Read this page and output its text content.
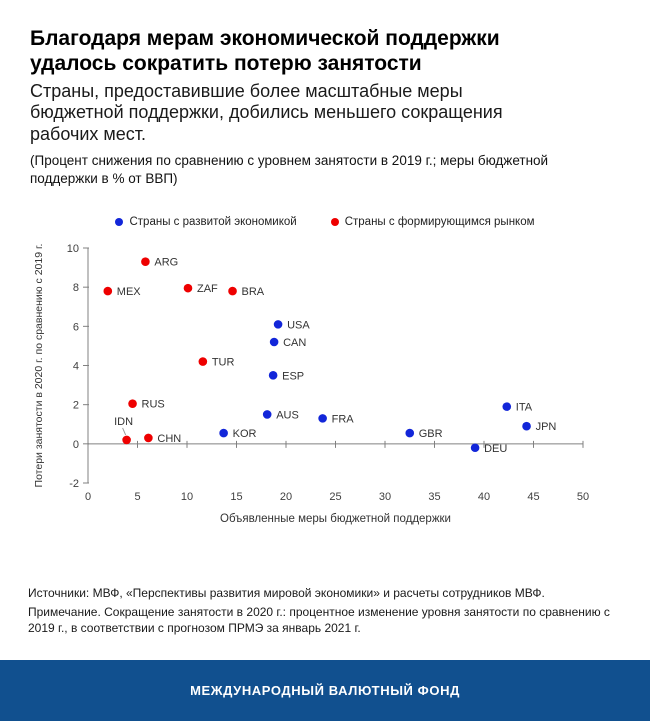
Благодаря мерам экономической поддержки удалось сократить потерю занятости
Страны, предоставившие более масштабные меры бюджетной поддержки, добились меньшего сокращения рабочих мест.

(Процент снижения по сравнению с уровнем занятости в 2019 г.; меры бюджетной поддержки в % от ВВП)

Страны с развитой экономикой	Страны с формирующимся рынком
10
8
6
4
2
0
-2
0	5	10	15	20	25	30	35	40	45	50
Объявленные меры бюджетной поддержки
Потери занятости в 2020 г. по сравнению с 2019 г.	USA
CAN
ESP
ITA
AUS	FRA
JPN
KOR	GBR
DEU
ARG
ZAF
MEX	BRA
TUR
RUS
CHN
IDN

Источники: МВФ, «Перспективы развития мировой экономики» и расчеты сотрудников МВФ.

Примечание. Сокращение занятости в 2020 г.: процентное изменение уровня занятости по сравнению с 2019 г., в соответствии с прогнозом ПРМЭ за январь 2021 г.

МЕЖДУНАРОДНЫЙ ВАЛЮТНЫЙ ФОНД
